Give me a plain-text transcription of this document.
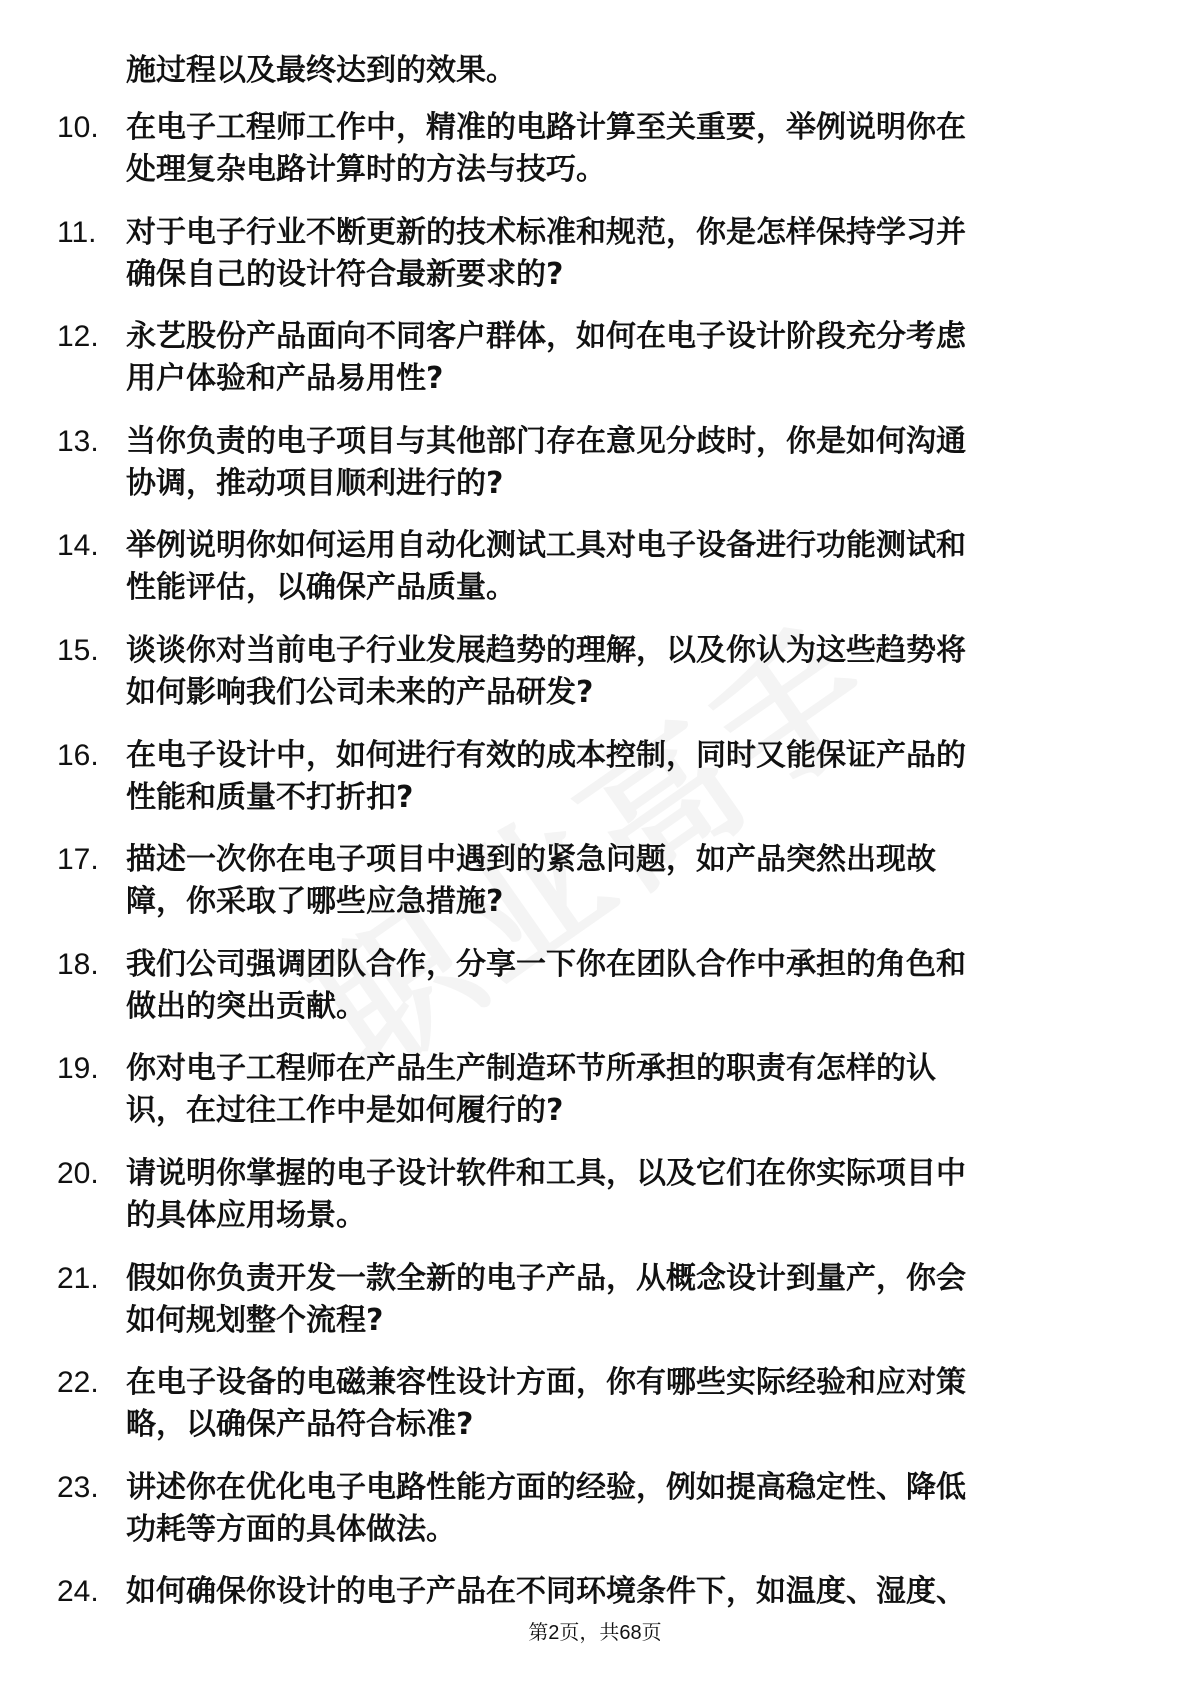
施过程以及最终达到的效果。
10. 在电子工程师工作中，精准的电路计算至关重要，举例说明你在
处理复杂电路计算时的方法与技巧。
11. 对于电子行业不断更新的技术标准和规范，你是怎样保持学习并
确保自己的设计符合最新要求的?
12. 永艺股份产品面向不同客户群体，如何在电子设计阶段充分考虑
用户体验和产品易用性?
13. 当你负责的电子项目与其他部门存在意见分歧时，你是如何沟通
协调，推动项目顺利进行的?
14. 举例说明你如何运用自动化测试工具对电子设备进行功能测试和
性能评估，以确保产品质量。
15. 谈谈你对当前电子行业发展趋势的理解，以及你认为这些趋势将
如何影响我们公司未来的产品研发?
16. 在电子设计中，如何进行有效的成本控制，同时又能保证产品的
性能和质量不打折扣?
17. 描述一次你在电子项目中遇到的紧急问题，如产品突然出现故
障，你采取了哪些应急措施?
18. 我们公司强调团队合作，分享一下你在团队合作中承担的角色和
做出的突出贡献。
19. 你对电子工程师在产品生产制造环节所承担的职责有怎样的认
识，在过往工作中是如何履行的?
20. 请说明你掌握的电子设计软件和工具，以及它们在你实际项目中
的具体应用场景。
21. 假如你负责开发一款全新的电子产品，从概念设计到量产，你会
如何规划整个流程?
22. 在电子设备的电磁兼容性设计方面，你有哪些实际经验和应对策
略，以确保产品符合标准?
23. 讲述你在优化电子电路性能方面的经验，例如提高稳定性、降低
功耗等方面的具体做法。
24. 如何确保你设计的电子产品在不同环境条件下，如温度、湿度、
第2页，共68页
